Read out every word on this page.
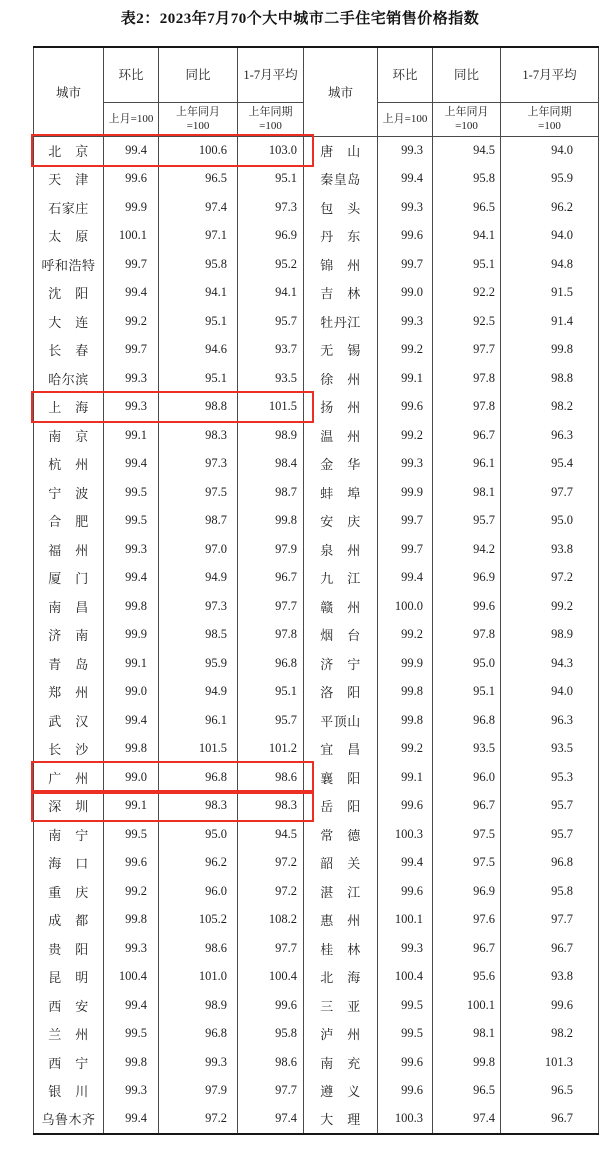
表2：2023年7月70个大中城市二手住宅销售价格指数
城市	环比	同比	1-7月平均	城市	环比	同比	1-7月平均
	上月=100	上年同月=100	上年同期=100		上月=100	上年同月=100	上年同期=100
北　京	99.4	100.6	103.0	唐　山	99.3	94.5	94.0
天　津	99.6	96.5	95.1	秦皇岛	99.4	95.8	95.9
石家庄	99.9	97.4	97.3	包　头	99.3	96.5	96.2
太　原	100.1	97.1	96.9	丹　东	99.6	94.1	94.0
呼和浩特	99.7	95.8	95.2	锦　州	99.7	95.1	94.8
沈　阳	99.4	94.1	94.1	吉　林	99.0	92.2	91.5
大　连	99.2	95.1	95.7	牡丹江	99.3	92.5	91.4
长　春	99.7	94.6	93.7	无　锡	99.2	97.7	99.8
哈尔滨	99.3	95.1	93.5	徐　州	99.1	97.8	98.8
上　海	99.3	98.8	101.5	扬　州	99.6	97.8	98.2
南　京	99.1	98.3	98.9	温　州	99.2	96.7	96.3
杭　州	99.4	97.3	98.4	金　华	99.3	96.1	95.4
宁　波	99.5	97.5	98.7	蚌　埠	99.9	98.1	97.7
合　肥	99.5	98.7	99.8	安　庆	99.7	95.7	95.0
福　州	99.3	97.0	97.9	泉　州	99.7	94.2	93.8
厦　门	99.4	94.9	96.7	九　江	99.4	96.9	97.2
南　昌	99.8	97.3	97.7	赣　州	100.0	99.6	99.2
济　南	99.9	98.5	97.8	烟　台	99.2	97.8	98.9
青　岛	99.1	95.9	96.8	济　宁	99.9	95.0	94.3
郑　州	99.0	94.9	95.1	洛　阳	99.8	95.1	94.0
武　汉	99.4	96.1	95.7	平顶山	99.8	96.8	96.3
长　沙	99.8	101.5	101.2	宜　昌	99.2	93.5	93.5
广　州	99.0	96.8	98.6	襄　阳	99.1	96.0	95.3
深　圳	99.1	98.3	98.3	岳　阳	99.6	96.7	95.7
南　宁	99.5	95.0	94.5	常　德	100.3	97.5	95.7
海　口	99.6	96.2	97.2	韶　关	99.4	97.5	96.8
重　庆	99.2	96.0	97.2	湛　江	99.6	96.9	95.8
成　都	99.8	105.2	108.2	惠　州	100.1	97.6	97.7
贵　阳	99.3	98.6	97.7	桂　林	99.3	96.7	96.7
昆　明	100.4	101.0	100.4	北　海	100.4	95.6	93.8
西　安	99.4	98.9	99.6	三　亚	99.5	100.1	99.6
兰　州	99.5	96.8	95.8	泸　州	99.5	98.1	98.2
西　宁	99.8	99.3	98.6	南　充	99.6	99.8	101.3
银　川	99.3	97.9	97.7	遵　义	99.6	96.5	96.5
乌鲁木齐	99.4	97.2	97.4	大　理	100.3	97.4	96.7
